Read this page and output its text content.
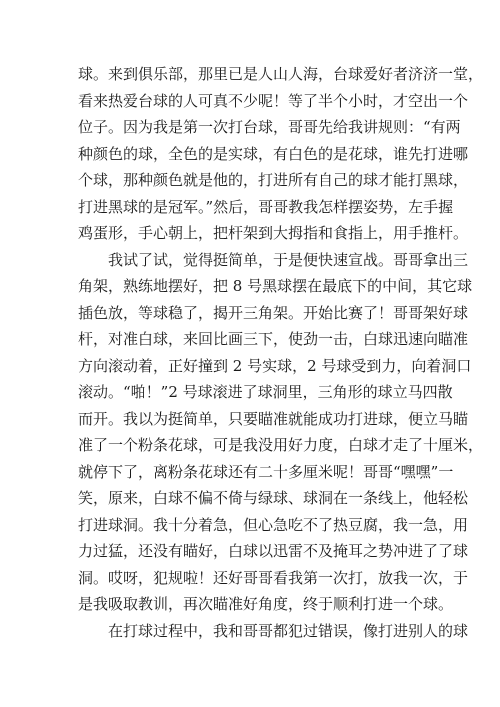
球。来到俱乐部，那里已是人山人海，台球爱好者济济一堂，
看来热爱台球的人可真不少呢！等了半个小时，才空出一个
位子。因为我是第一次打台球，哥哥先给我讲规则：“有两
种颜色的球，全色的是实球，有白色的是花球，谁先打进哪
个球，那种颜色就是他的，打进所有自己的球才能打黑球，
打进黑球的是冠军。”然后，哥哥教我怎样摆姿势，左手握
鸡蛋形，手心朝上，把杆架到大拇指和食指上，用手推杆。
我试了试，觉得挺简单，于是便快速宣战。哥哥拿出三
角架，熟练地摆好，把 8 号黑球摆在最底下的中间，其它球
插色放，等球稳了，揭开三角架。开始比赛了！哥哥架好球
杆，对准白球，来回比画三下，使劲一击，白球迅速向瞄准
方向滚动着，正好撞到 2 号实球，2 号球受到力，向着洞口
滚动。“啪！”2 号球滚进了球洞里，三角形的球立马四散
而开。我以为挺简单，只要瞄准就能成功打进球，便立马瞄
准了一个粉条花球，可是我没用好力度，白球才走了十厘米，
就停下了，离粉条花球还有二十多厘米呢！哥哥“嘿嘿”一
笑，原来，白球不偏不倚与绿球、球洞在一条线上，他轻松
打进球洞。我十分着急，但心急吃不了热豆腐，我一急，用
力过猛，还没有瞄好，白球以迅雷不及掩耳之势冲进了了球
洞。哎呀，犯规啦！还好哥哥看我第一次打，放我一次，于
是我吸取教训，再次瞄准好角度，终于顺利打进一个球。
在打球过程中，我和哥哥都犯过错误，像打进别人的球
